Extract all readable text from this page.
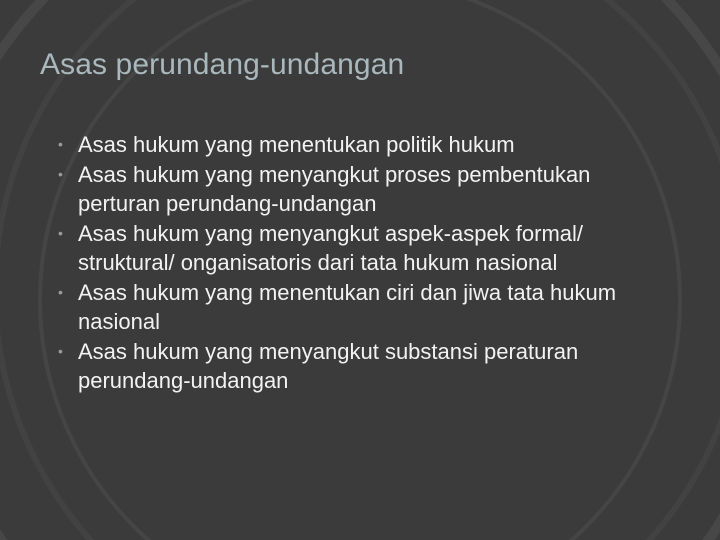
Asas perundang-undangan
• Asas hukum yang menentukan politik hukum
• Asas hukum yang menyangkut proses pembentukan perturan perundang-undangan
• Asas hukum yang menyangkut aspek-aspek formal/ struktural/ onganisatoris dari tata hukum nasional
• Asas hukum yang menentukan ciri dan jiwa tata hukum nasional
• Asas hukum yang menyangkut substansi peraturan perundang-undangan
